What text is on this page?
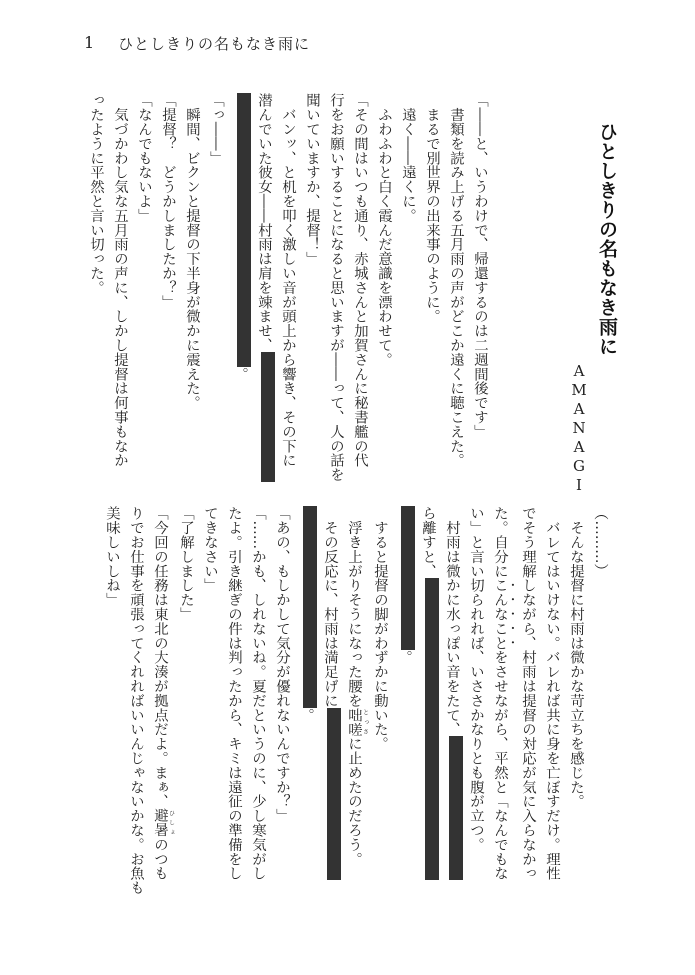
1 ひとしきりの名もなき雨に
ひとしきりの名もなき雨に
AMANAGI
「――と、いうわけで、帰還するのは二週間後です」
　書類を読み上げる五月雨の声がどこか遠くに聴こえた。
　まるで別世界の出来事のように。
　遠く――遠くに。
　ふわふわと白く霞んだ意識を漂わせて。
「その間はいつも通り、赤城さんと加賀さんに秘書艦の代
行をお願いすることになると思いますが――って、人の話を
聞いていますか、提督！」
　バンッ、と机を叩く激しい音が頭上から響き、その下に
潜んでいた彼女――村雨は肩を竦ませ、
。
「っ――」
　瞬間、ビクンと提督の下半身が微かに震えた。
「提督？　どうかしましたか？」
「なんでもないよ」
　気づかわし気な五月雨の声に、しかし提督は何事もなか
ったように平然と言い切った。
（………）
　そんな提督に村雨は微かな苛立ちを感じた。
　バレてはいけない。バレれば共に身を亡ぼすだけ。理性
でそう理解しながら、村雨は提督の対応が気に入らなかっ
た。自分にこんなことをさせながら、平然と「なんでもな
い」と言い切られれば、いささかなりとも腹が立つ。
　村雨は微かに水っぽい音をたて、
ら離すと、
。
　すると提督の脚がわずかに動いた。
　浮き上がりそうになった腰を咄嗟 とっさに止めたのだろう。
　その反応に、村雨は満足げに
。
「あの、もしかして気分が優れないんですか？」
「……かも、しれないね。夏だというのに、少し寒気がし
たよ。引き継ぎの件は判ったから、キミは遠征の準備をし
てきなさい」
「了解しました」
「今回の任務は東北の大湊が拠点だよ。まぁ、避暑 ひしょのつも
りでお仕事を頑張ってくれればいいんじゃないかな。お魚も
美味しいしね」
